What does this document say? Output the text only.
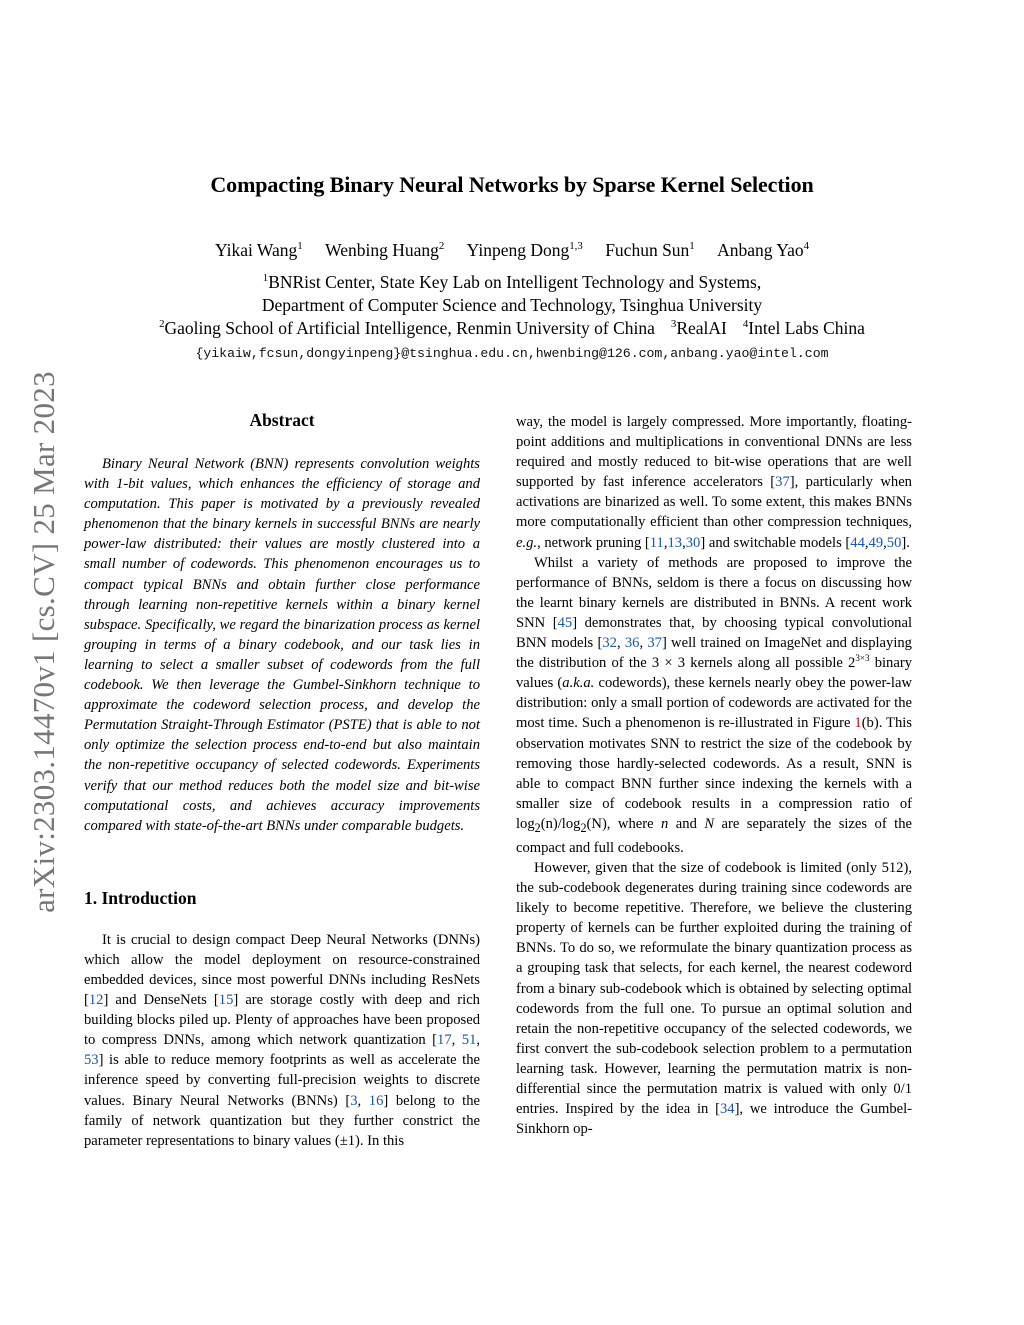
arXiv:2303.14470v1 [cs.CV] 25 Mar 2023
Compacting Binary Neural Networks by Sparse Kernel Selection
Yikai Wang$^1$ Wenbing Huang$^2$ Yinpeng Dong$^{1,3}$ Fuchun Sun$^1$ Anbang Yao$^4$
$^1$BNRist Center, State Key Lab on Intelligent Technology and Systems,
Department of Computer Science and Technology, Tsinghua University
$^2$Gaoling School of Artificial Intelligence, Renmin University of China $^3$RealAI $^4$Intel Labs China
{yikaiw,fcsun,dongyinpeng}@tsinghua.edu.cn,hwenbing@126.com,anbang.yao@intel.com
Abstract

Binary Neural Network (BNN) represents convolution weights with 1-bit values, which enhances the efficiency of storage and computation. This paper is motivated by a previously revealed phenomenon that the binary kernels in successful BNNs are nearly power-law distributed: their values are mostly clustered into a small number of codewords. This phenomenon encourages us to compact typical BNNs and obtain further close performance through learning non-repetitive kernels within a binary kernel subspace. Specifically, we regard the binarization process as kernel grouping in terms of a binary codebook, and our task lies in learning to select a smaller subset of codewords from the full codebook. We then leverage the Gumbel-Sinkhorn technique to approximate the codeword selection process, and develop the Permutation Straight-Through Estimator (PSTE) that is able to not only optimize the selection process end-to-end but also maintain the non-repetitive occupancy of selected codewords. Experiments verify that our method reduces both the model size and bit-wise computational costs, and achieves accuracy improvements compared with state-of-the-art BNNs under comparable budgets.

1. Introduction

It is crucial to design compact Deep Neural Networks (DNNs) which allow the model deployment on resource-constrained embedded devices, since most powerful DNNs including ResNets [12] and DenseNets [15] are storage costly with deep and rich building blocks piled up. Plenty of approaches have been proposed to compress DNNs, among which network quantization [17, 51, 53] is able to reduce memory footprints as well as accelerate the inference speed by converting full-precision weights to discrete values. Binary Neural Networks (BNNs) [3, 16] belong to the family of network quantization but they further constrict the parameter representations to binary values (±1). In this

way, the model is largely compressed. More importantly, floating-point additions and multiplications in conventional DNNs are less required and mostly reduced to bit-wise operations that are well supported by fast inference accelerators [37], particularly when activations are binarized as well. To some extent, this makes BNNs more computationally efficient than other compression techniques, e.g., network pruning [11,13,30] and switchable models [44,49,50].

Whilst a variety of methods are proposed to improve the performance of BNNs, seldom is there a focus on discussing how the learnt binary kernels are distributed in BNNs. A recent work SNN [45] demonstrates that, by choosing typical convolutional BNN models [32, 36, 37] well trained on ImageNet and displaying the distribution of the 3 × 3 kernels along all possible $2^{3\times 3}$ binary values (a.k.a. codewords), these kernels nearly obey the power-law distribution: only a small portion of codewords are activated for the most time. Such a phenomenon is re-illustrated in Figure 1(b). This observation motivates SNN to restrict the size of the codebook by removing those hardly-selected codewords. As a result, SNN is able to compact BNN further since indexing the kernels with a smaller size of codebook results in a compression ratio of $\log_2(n)/\log_2(N)$, where n and N are separately the sizes of the compact and full codebooks.

However, given that the size of codebook is limited (only 512), the sub-codebook degenerates during training since codewords are likely to become repetitive. Therefore, we believe the clustering property of kernels can be further exploited during the training of BNNs. To do so, we reformulate the binary quantization process as a grouping task that selects, for each kernel, the nearest codeword from a binary sub-codebook which is obtained by selecting optimal codewords from the full one. To pursue an optimal solution and retain the non-repetitive occupancy of the selected codewords, we first convert the sub-codebook selection problem to a permutation learning task. However, learning the permutation matrix is non-differential since the permutation matrix is valued with only 0/1 entries. Inspired by the idea in [34], we introduce the Gumbel-Sinkhorn op-
